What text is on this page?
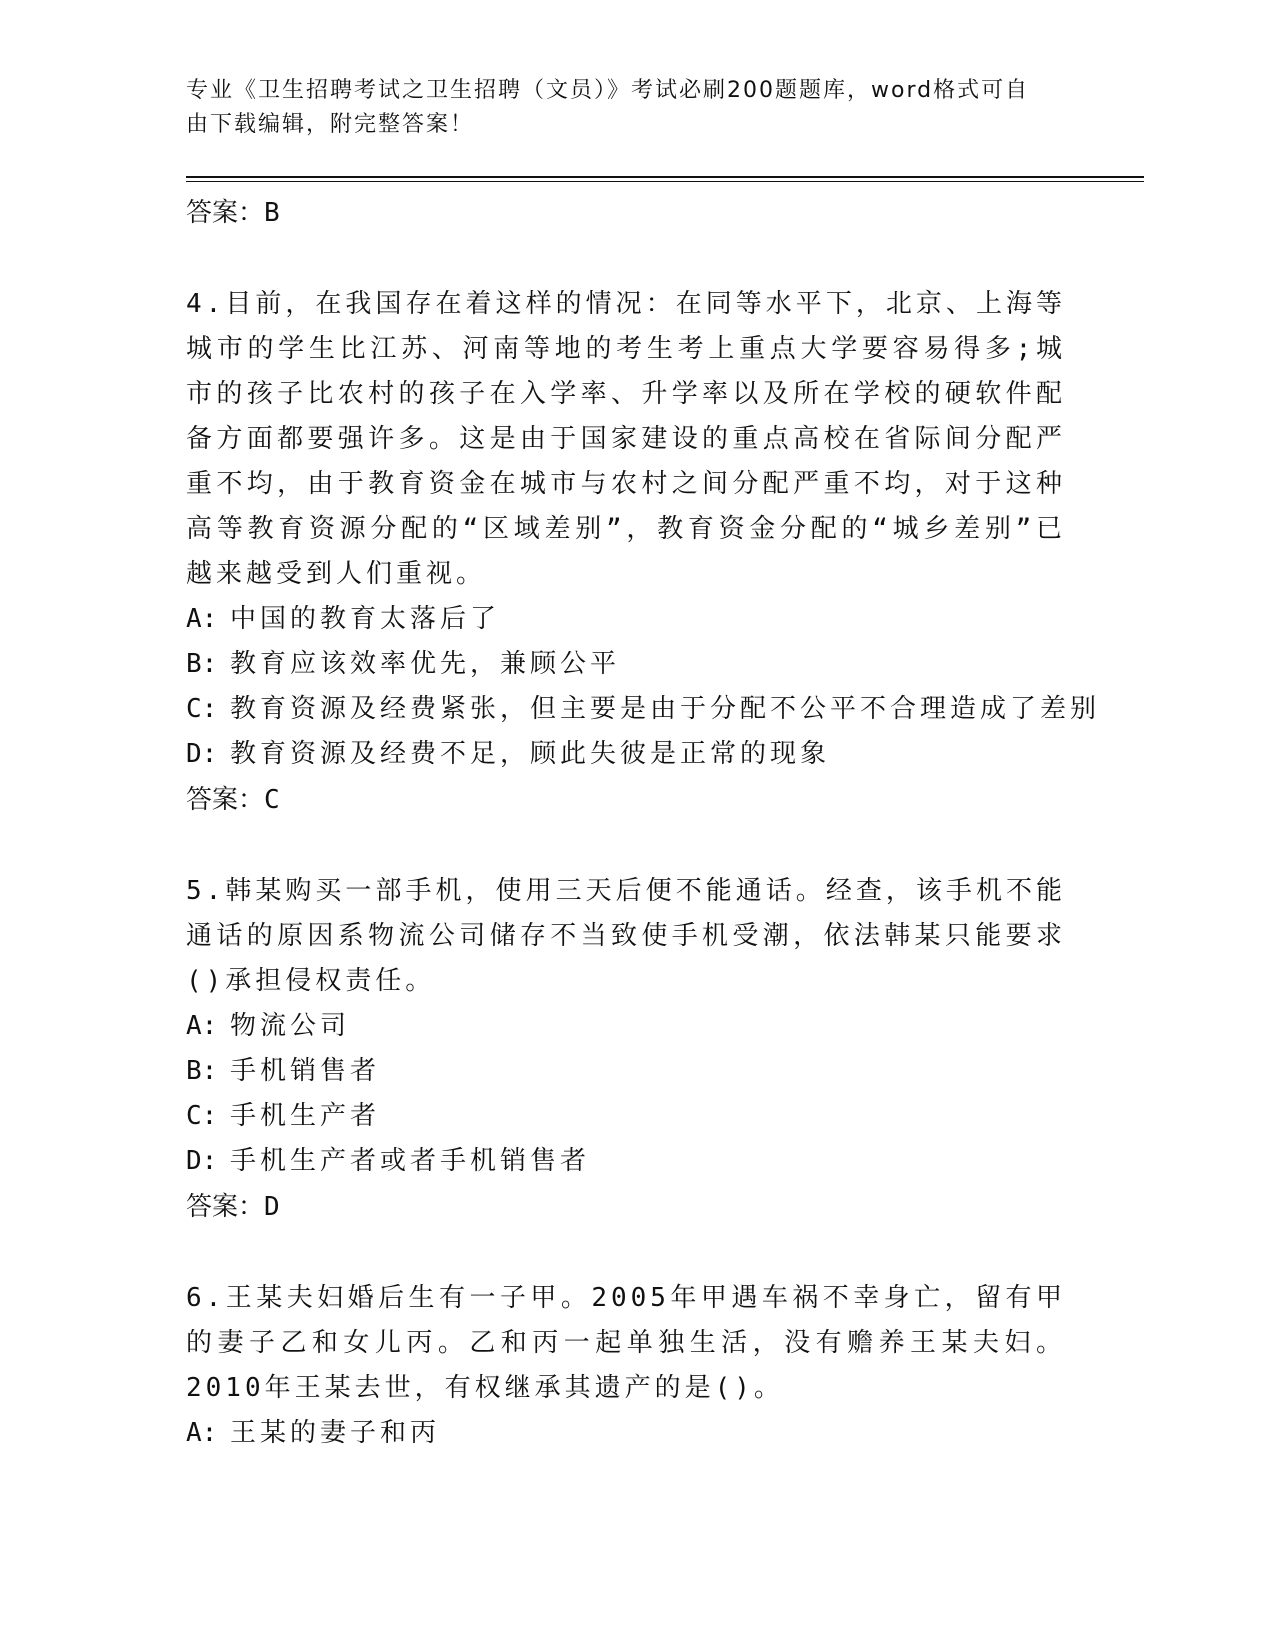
专业《卫生招聘考试之卫生招聘（文员）》考试必刷200题题库，word格式可自
由下载编辑，附完整答案！

答案：B

4.目前，在我国存在着这样的情况：在同等水平下，北京、上海等城市的学生比江苏、河南等地的考生考上重点大学要容易得多;城市的孩子比农村的孩子在入学率、升学率以及所在学校的硬软件配备方面都要强许多。这是由于国家建设的重点高校在省际间分配严重不均，由于教育资金在城市与农村之间分配严重不均，对于这种高等教育资源分配的“区域差别”，教育资金分配的“城乡差别”已越来越受到人们重视。

A: 中国的教育太落后了

B: 教育应该效率优先，兼顾公平

C: 教育资源及经费紧张，但主要是由于分配不公平不合理造成了差别

D: 教育资源及经费不足，顾此失彼是正常的现象

答案：C

5.韩某购买一部手机，使用三天后便不能通话。经查，该手机不能通话的原因系物流公司储存不当致使手机受潮，依法韩某只能要求()承担侵权责任。

A: 物流公司

B: 手机销售者

C: 手机生产者

D: 手机生产者或者手机销售者

答案：D

6.王某夫妇婚后生有一子甲。2005年甲遇车祸不幸身亡，留有甲的妻子乙和女儿丙。乙和丙一起单独生活，没有赡养王某夫妇。2010年王某去世，有权继承其遗产的是()。

A: 王某的妻子和丙
